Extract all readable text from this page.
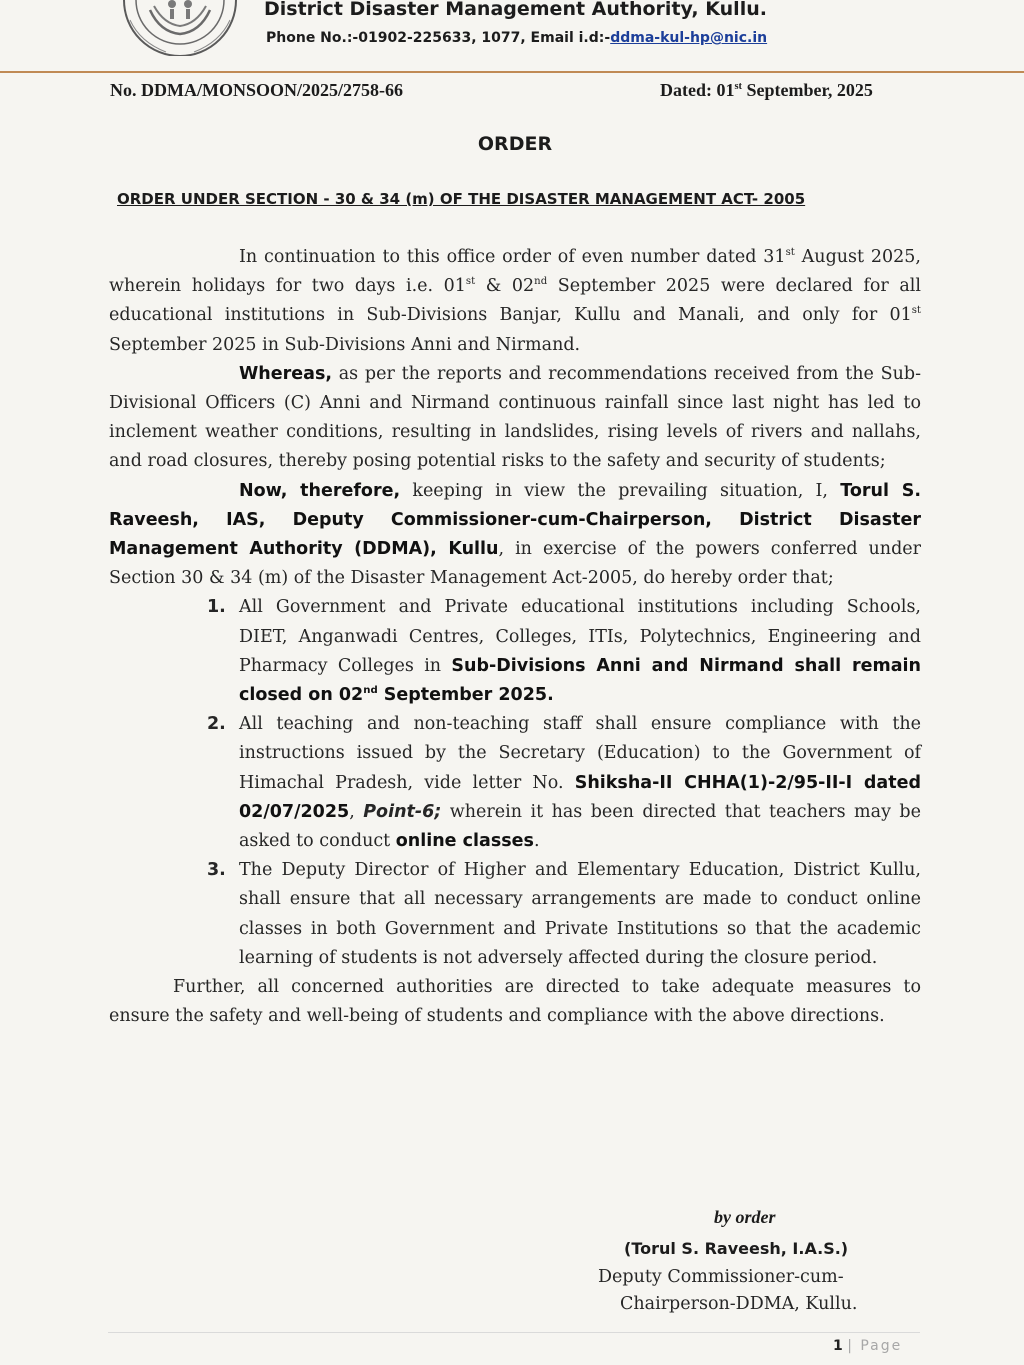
District Disaster Management Authority, Kullu.
Phone No.:-01902-225633, 1077, Email i.d:-ddma-kul-hp@nic.in
No. DDMA/MONSOON/2025/2758-66	Dated: 01st September, 2025
ORDER
ORDER UNDER SECTION - 30 & 34 (m) OF THE DISASTER MANAGEMENT ACT- 2005

In continuation to this office order of even number dated 31st August 2025, wherein holidays for two days i.e. 01st & 02nd September 2025 were declared for all educational institutions in Sub-Divisions Banjar, Kullu and Manali, and only for 01st September 2025 in Sub-Divisions Anni and Nirmand.

Whereas, as per the reports and recommendations received from the Sub-Divisional Officers (C) Anni and Nirmand continuous rainfall since last night has led to inclement weather conditions, resulting in landslides, rising levels of rivers and nallahs, and road closures, thereby posing potential risks to the safety and security of students;

Now, therefore, keeping in view the prevailing situation, I, Torul S. Raveesh, IAS, Deputy Commissioner-cum-Chairperson, District Disaster Management Authority (DDMA), Kullu, in exercise of the powers conferred under Section 30 & 34 (m) of the Disaster Management Act-2005, do hereby order that;

1. All Government and Private educational institutions including Schools, DIET, Anganwadi Centres, Colleges, ITIs, Polytechnics, Engineering and Pharmacy Colleges in Sub-Divisions Anni and Nirmand shall remain closed on 02nd September 2025.
2. All teaching and non-teaching staff shall ensure compliance with the instructions issued by the Secretary (Education) to the Government of Himachal Pradesh, vide letter No. Shiksha-II CHHA(1)-2/95-II-I dated 02/07/2025, Point-6; wherein it has been directed that teachers may be asked to conduct online classes.
3. The Deputy Director of Higher and Elementary Education, District Kullu, shall ensure that all necessary arrangements are made to conduct online classes in both Government and Private Institutions so that the academic learning of students is not adversely affected during the closure period.

Further, all concerned authorities are directed to take adequate measures to ensure the safety and well-being of students and compliance with the above directions.

by order
(Torul S. Raveesh, I.A.S.)
Deputy Commissioner-cum-
Chairperson-DDMA, Kullu.
1 | Page
